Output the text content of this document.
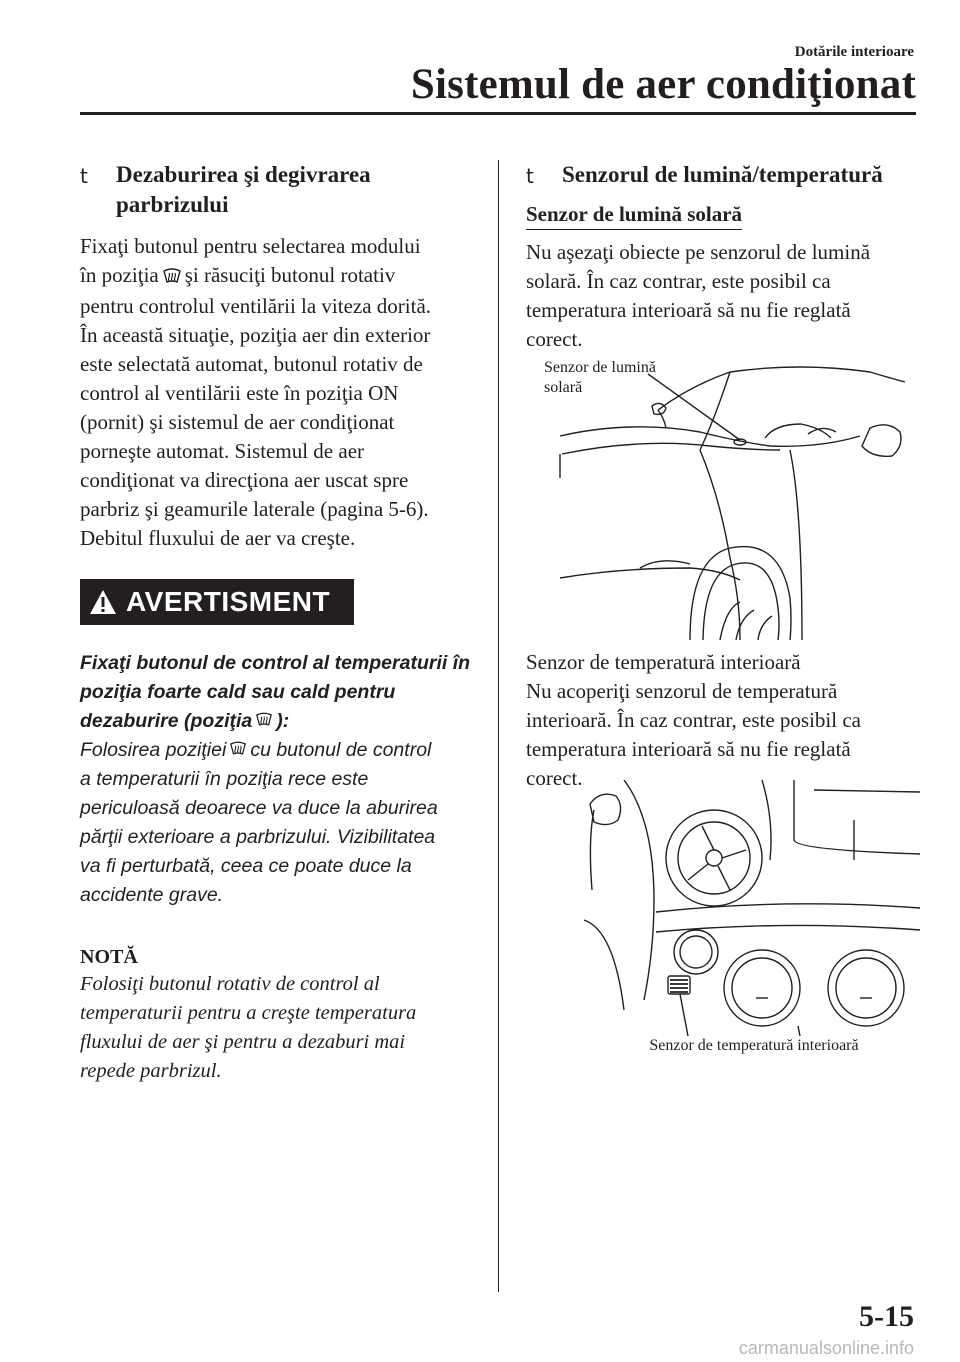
Dotările interioare
Sistemul de aer condiţionat
t	Dezaburirea şi degivrarea
parbrizului

Fixaţi butonul pentru selectarea modului

în poziţia şi răsuciţi butonul rotativ

pentru controlul ventilării la viteza dorită.

În această situaţie, poziţia aer din exterior

este selectată automat, butonul rotativ de

control al ventilării este în poziţia ON

(pornit) şi sistemul de aer condiţionat

porneşte automat. Sistemul de aer

condiţionat va direcţiona aer uscat spre

parbriz şi geamurile laterale (pagina 5-6).

Debitul fluxului de aer va creşte.

AVERTISMENT
Fixaţi butonul de control al temperaturii în
poziţia foarte cald sau cald pentru
dezaburire (poziţia ):
Folosirea poziţiei cu butonul de control
a temperaturii în poziţia rece este
periculoasă deoarece va duce la aburirea
părţii exterioare a parbrizului. Vizibilitatea
va fi perturbată, ceea ce poate duce la
accidente grave.
NOTĂ
Folosiţi butonul rotativ de control al
temperaturii pentru a creşte temperatura
fluxului de aer şi pentru a dezaburi mai
repede parbrizul.
t	Senzorul de lumină/temperatură
Senzor de lumină solară

Nu aşezaţi obiecte pe senzorul de lumină

solară. În caz contrar, este posibil ca

temperatura interioară să nu fie reglată

corect.

Senzor de lumină
solară

Senzor de temperatură interioară

Nu acoperiţi senzorul de temperatură

interioară. În caz contrar, este posibil ca

temperatura interioară să nu fie reglată

corect.

Senzor de temperatură interioară
5-15
carmanualsonline.info
